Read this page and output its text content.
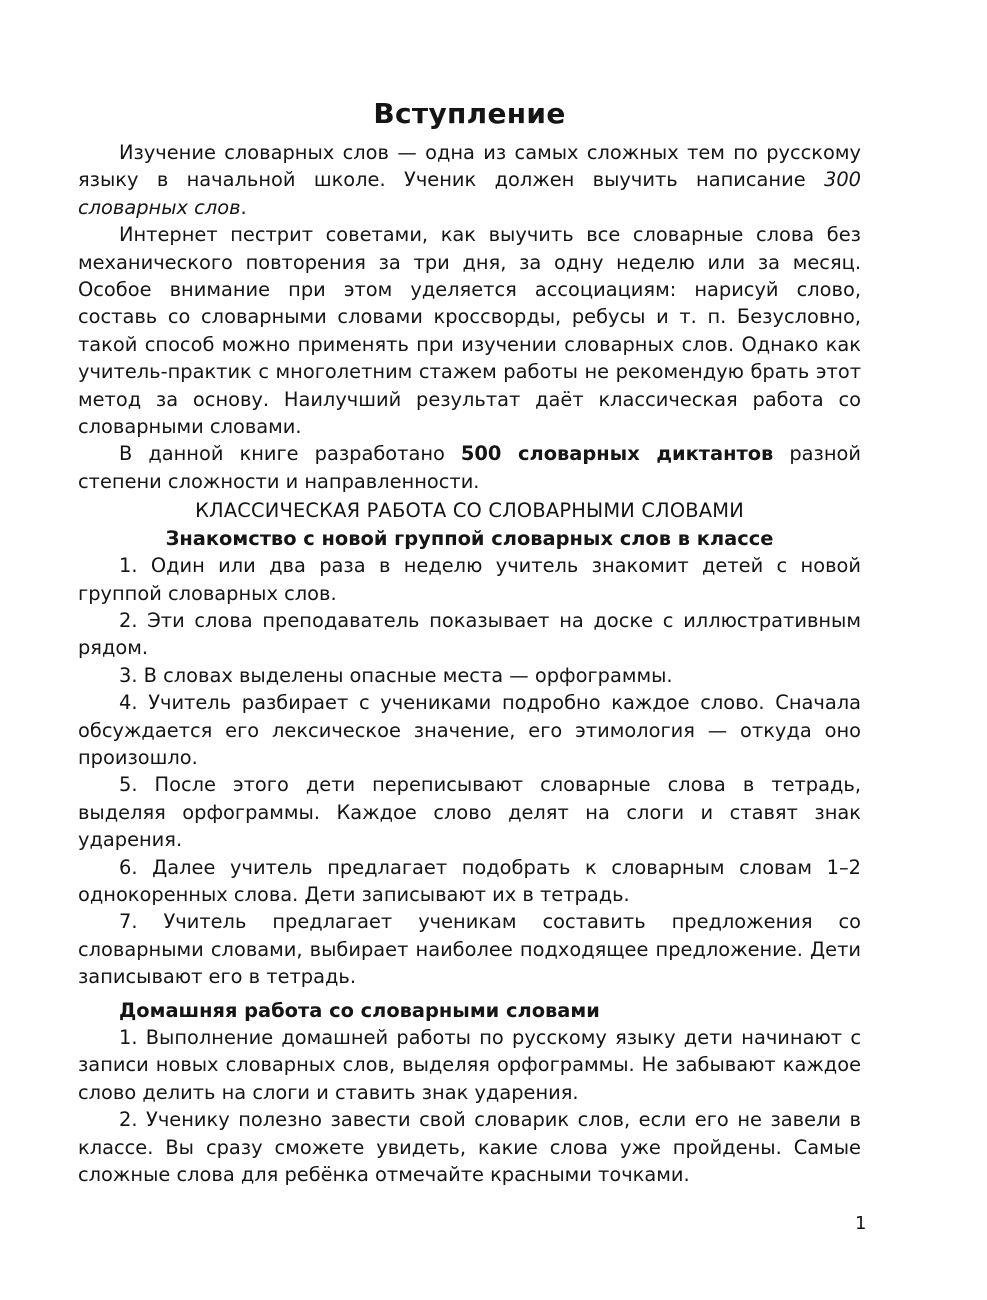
Вступление

Изучение словарных слов — одна из самых сложных тем по русскому языку в начальной школе. Ученик должен выучить написание 300 словарных слов.

Интернет пестрит советами, как выучить все словарные слова без механического повторения за три дня, за одну неделю или за месяц. Особое внимание при этом уделяется ассоциациям: нарисуй слово, составь со словарными словами кроссворды, ребусы и т. п. Безусловно, такой способ можно применять при изучении словарных слов. Однако как учитель-практик с многолетним стажем работы не рекомендую брать этот метод за основу. Наилучший результат даёт классическая работа со словарными словами.

В данной книге разработано 500 словарных диктантов разной степени сложности и направленности.

КЛАССИЧЕСКАЯ РАБОТА СО СЛОВАРНЫМИ СЛОВАМИ
Знакомство с новой группой словарных слов в классе

1. Один или два раза в неделю учитель знакомит детей с новой группой словарных слов.

2. Эти слова преподаватель показывает на доске с иллюстративным рядом.

3. В словах выделены опасные места — орфограммы.

4. Учитель разбирает с учениками подробно каждое слово. Сначала обсуждается его лексическое значение, его этимология — откуда оно произошло.

5. После этого дети переписывают словарные слова в тетрадь, выделяя орфограммы. Каждое слово делят на слоги и ставят знак ударения.

6. Далее учитель предлагает подобрать к словарным словам 1–2 однокоренных слова. Дети записывают их в тетрадь.

7. Учитель предлагает ученикам составить предложения со словарными словами, выбирает наиболее подходящее предложение. Дети записывают его в тетрадь.

Домашняя работа со словарными словами

1. Выполнение домашней работы по русскому языку дети начинают с записи новых словарных слов, выделяя орфограммы. Не забывают каждое слово делить на слоги и ставить знак ударения.

2. Ученику полезно завести свой словарик слов, если его не завели в классе. Вы сразу сможете увидеть, какие слова уже пройдены. Самые сложные слова для ребёнка отмечайте красными точками.

1
